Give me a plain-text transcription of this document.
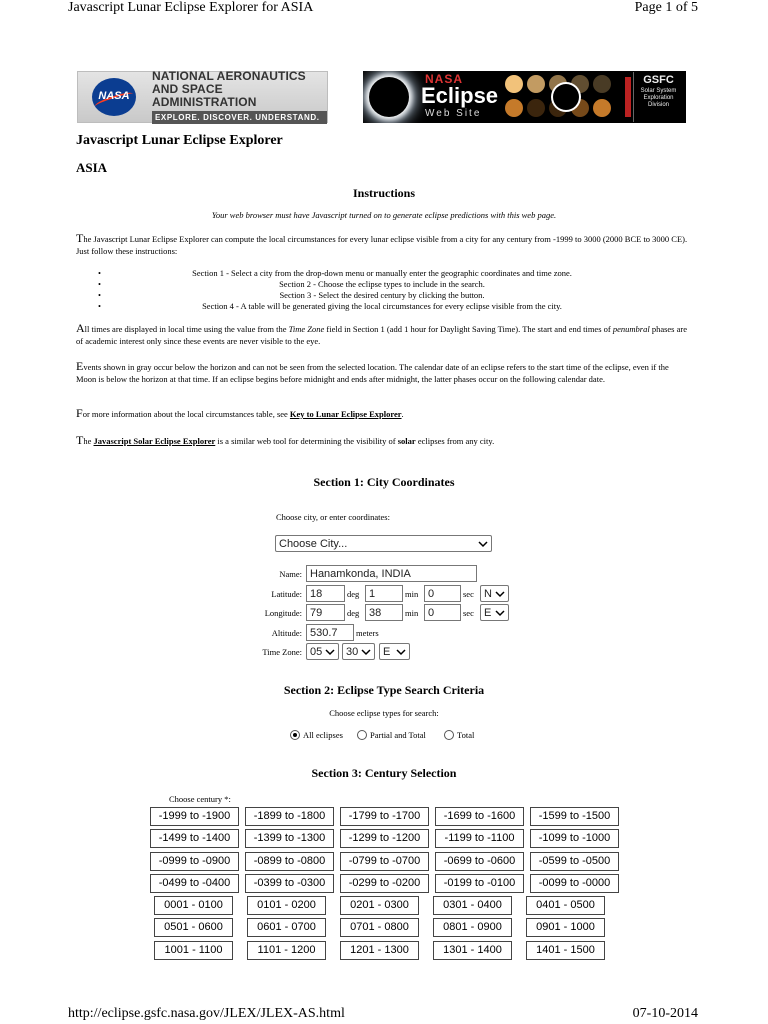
Javascript Lunar Eclipse Explorer for ASIA	Page 1 of 5
http://eclipse.gsfc.nasa.gov/JLEX/JLEX-AS.html	07-10-2014
NASA
NATIONAL AERONAUTICS
AND SPACE ADMINISTRATION
EXPLORE. DISCOVER. UNDERSTAND.
NASA
Eclipse
Web Site
GSFC
Solar System Exploration Division
Javascript Lunar Eclipse Explorer
ASIA
Instructions
Your web browser must have Javascript turned on to generate eclipse predictions with this web page.
The Javascript Lunar Eclipse Explorer can compute the local circumstances for every lunar eclipse visible from a city for any century from -1999 to 3000 (2000 BCE to 3000 CE). Just follow these instructions:
• Section 1 - Select a city from the drop-down menu or manually enter the geographic coordinates and time zone.
• Section 2 - Choose the eclipse types to include in the search.
• Section 3 - Select the desired century by clicking the button.
• Section 4 - A table will be generated giving the local circumstances for every eclipse visible from the city.
All times are displayed in local time using the value from the Time Zone field in Section 1 (add 1 hour for Daylight Saving Time). The start and end times of penumbral phases are of academic interest only since these events are never visible to the eye.
Events shown in gray occur below the horizon and can not be seen from the selected location. The calendar date of an eclipse refers to the start time of the eclipse, even if the Moon is below the horizon at that time. If an eclipse begins before midnight and ends after midnight, the latter phases occur on the following calendar date.
For more information about the local circumstances table, see Key to Lunar Eclipse Explorer.
The Javascript Solar Eclipse Explorer is a similar web tool for determining the visibility of solar eclipses from any city.
Section 1: City Coordinates
Choose city, or enter coordinates:
Choose City...
Name: Hanamkonda, INDIA
Latitude: 18	deg 1	min 0	sec N
Longitude: 79	deg 38	min 0	sec E
Altitude: 530.7	meters
Time Zone: 05	30	E
Section 2: Eclipse Type Search Criteria
Choose eclipse types for search:
All eclipses	Partial and Total	Total
Section 3: Century Selection
Choose century *:
-1999 to -1900	-1899 to -1800	-1799 to -1700	-1699 to -1600	-1599 to -1500
-1499 to -1400	-1399 to -1300	-1299 to -1200	-1199 to -1100	-1099 to -1000
-0999 to -0900	-0899 to -0800	-0799 to -0700	-0699 to -0600	-0599 to -0500
-0499 to -0400	-0399 to -0300	-0299 to -0200	-0199 to -0100	-0099 to -0000
0001 - 0100	0101 - 0200	0201 - 0300	0301 - 0400	0401 - 0500
0501 - 0600	0601 - 0700	0701 - 0800	0801 - 0900	0901 - 1000
1001 - 1100	1101 - 1200	1201 - 1300	1301 - 1400	1401 - 1500
